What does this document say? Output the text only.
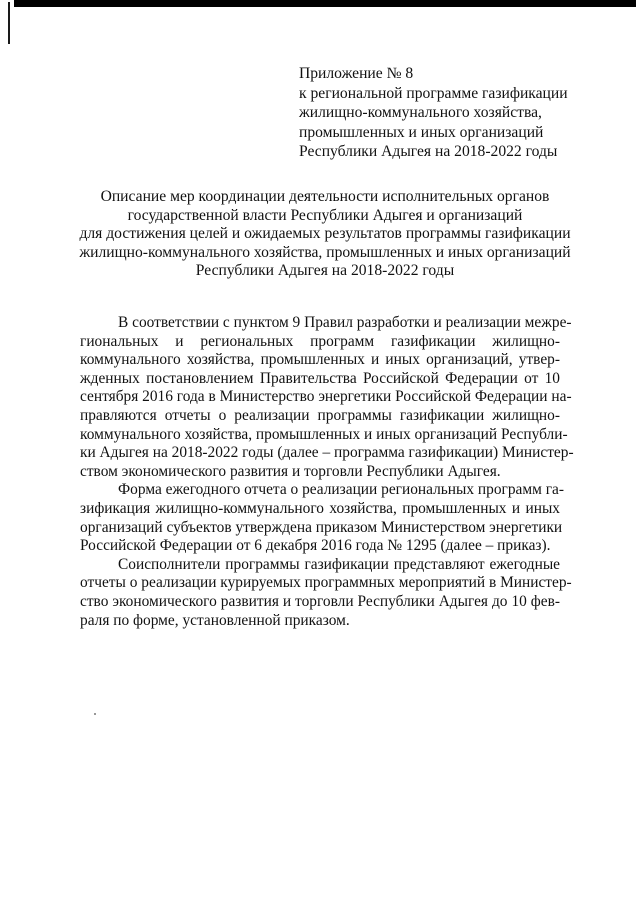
Приложение № 8
к региональной программе газификации
жилищно-коммунального хозяйства,
промышленных и иных организаций
Республики Адыгея на 2018-2022 годы
Описание мер координации деятельности исполнительных органов
государственной власти Республики Адыгея и организаций
для достижения целей и ожидаемых результатов программы газификации
жилищно-коммунального хозяйства, промышленных и иных организаций
Республики Адыгея на 2018-2022 годы
В соответствии с пунктом 9 Правил разработки и реализации межре-
гиональных и региональных программ газификации жилищно-
коммунального хозяйства, промышленных и иных организаций, утвер-
жденных постановлением Правительства Российской Федерации от 10
сентября 2016 года в Министерство энергетики Российской Федерации на-
правляются отчеты о реализации программы газификации жилищно-
коммунального хозяйства, промышленных и иных организаций Республи-
ки Адыгея на 2018-2022 годы (далее – программа газификации) Министер-
ством экономического развития и торговли Республики Адыгея.
Форма ежегодного отчета о реализации региональных программ га-
зификация жилищно-коммунального хозяйства, промышленных и иных
организаций субъектов утверждена приказом Министерством энергетики
Российской Федерации от 6 декабря 2016 года № 1295 (далее – приказ).
Соисполнители программы газификации представляют ежегодные
отчеты о реализации курируемых программных мероприятий в Министер-
ство экономического развития и торговли Республики Адыгея до 10 фев-
раля по форме, установленной приказом.
